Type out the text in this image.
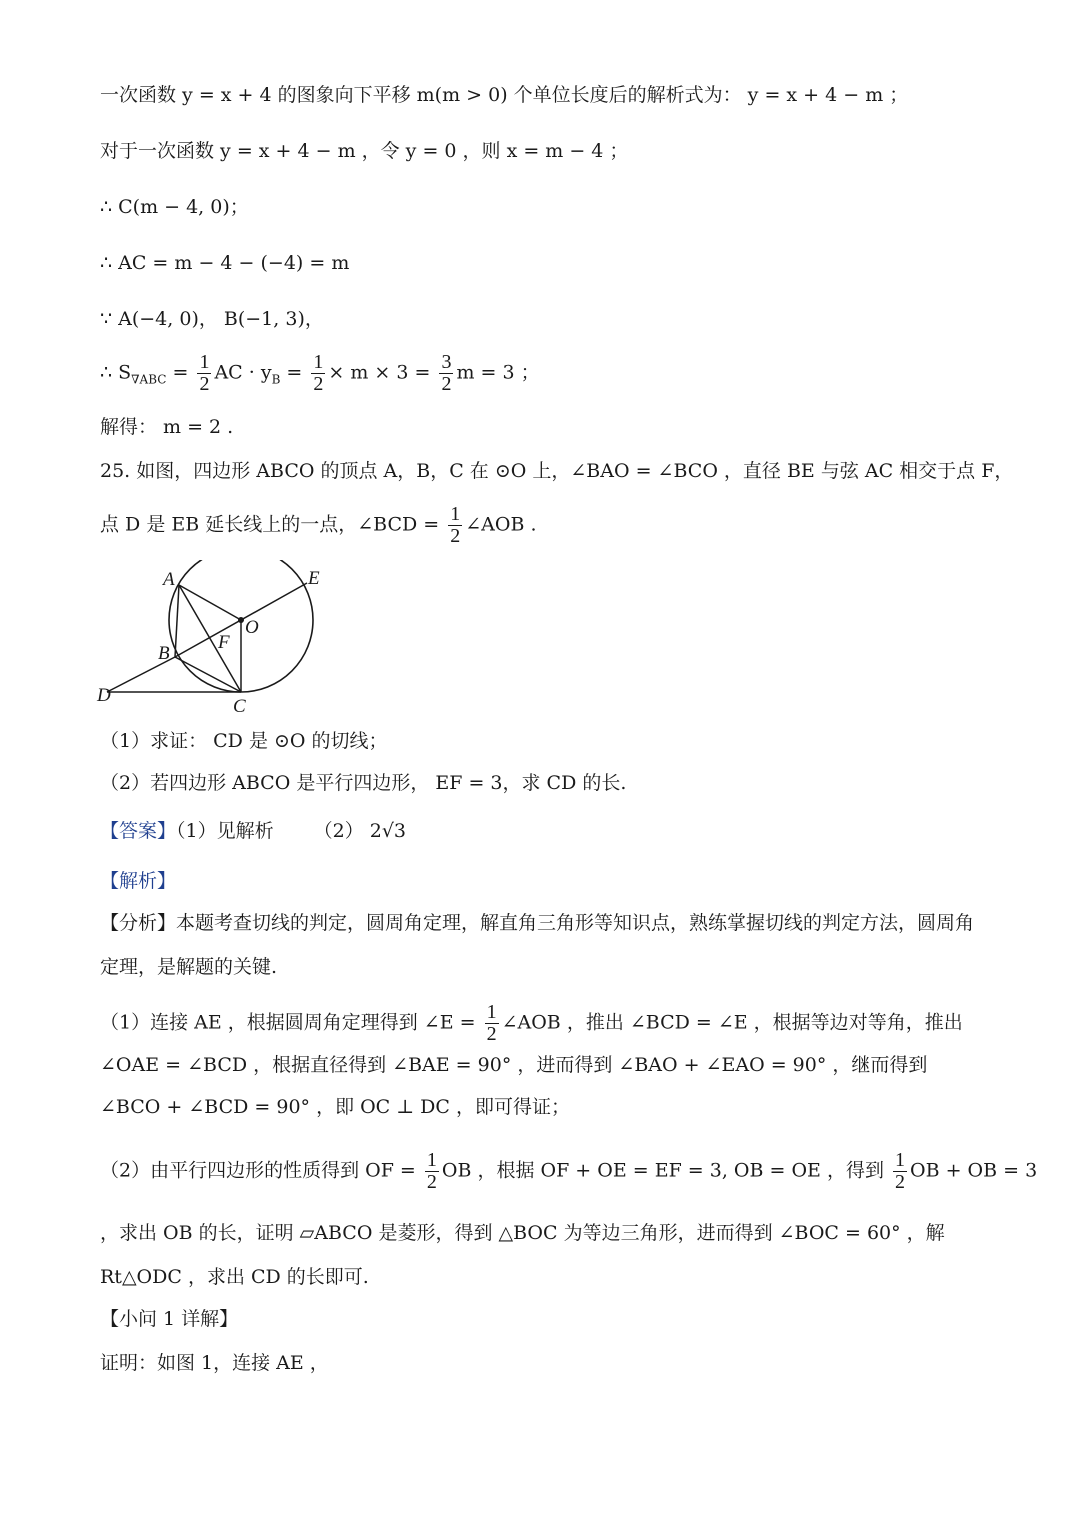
一次函数 y = x + 4 的图象向下平移 m(m > 0) 个单位长度后的解析式为： y = x + 4 − m ；
对于一次函数 y = x + 4 − m ，令 y = 0 ，则 x = m − 4 ；
∴ C(m − 4, 0)；
∴ AC = m − 4 − (−4) = m
∵ A(−4, 0)， B(−1, 3)，
∴ $S_{\nabla ABC} = \frac{1}{2}$ AC · $y_B = \frac{1}{2} \times m \times 3 = \frac{3}{2}$ m = 3 ；
解得： m = 2 .
25. 如图，四边形 ABCO 的顶点 A，B，C 在 ⊙O 上，∠BAO = ∠BCO ，直径 BE 与弦 AC 相交于点 F，
点 D 是 EB 延长线上的一点，∠BCD = $\frac{1}{2}$ ∠AOB .
A	E
O
F
B
D
C
（1）求证： CD 是 ⊙O 的切线；
（2）若四边形 ABCO 是平行四边形， EF = 3，求 CD 的长.
【答案】（1）见解析 （2） 2√3
【解析】
【分析】本题考查切线的判定，圆周角定理，解直角三角形等知识点，熟练掌握切线的判定方法，圆周角
定理，是解题的关键.
（1）连接 AE ，根据圆周角定理得到 ∠E = $\frac{1}{2}$ ∠AOB ，推出 ∠BCD = ∠E ，根据等边对等角，推出
∠OAE = ∠BCD ，根据直径得到 ∠BAE = 90° ，进而得到 ∠BAO + ∠EAO = 90° ，继而得到
∠BCO + ∠BCD = 90° ，即 OC ⊥ DC ，即可得证；
（2）由平行四边形的性质得到 OF = $\frac{1}{2}$ OB ，根据 OF + OE = EF = 3, OB = OE ，得到 $\frac{1}{2}$ OB + OB = 3
，求出 OB 的长，证明 ▱ABCO 是菱形，得到 △BOC 为等边三角形，进而得到 ∠BOC = 60° ，解
Rt△ODC ，求出 CD 的长即可.
【小问 1 详解】
证明：如图 1，连接 AE ，
